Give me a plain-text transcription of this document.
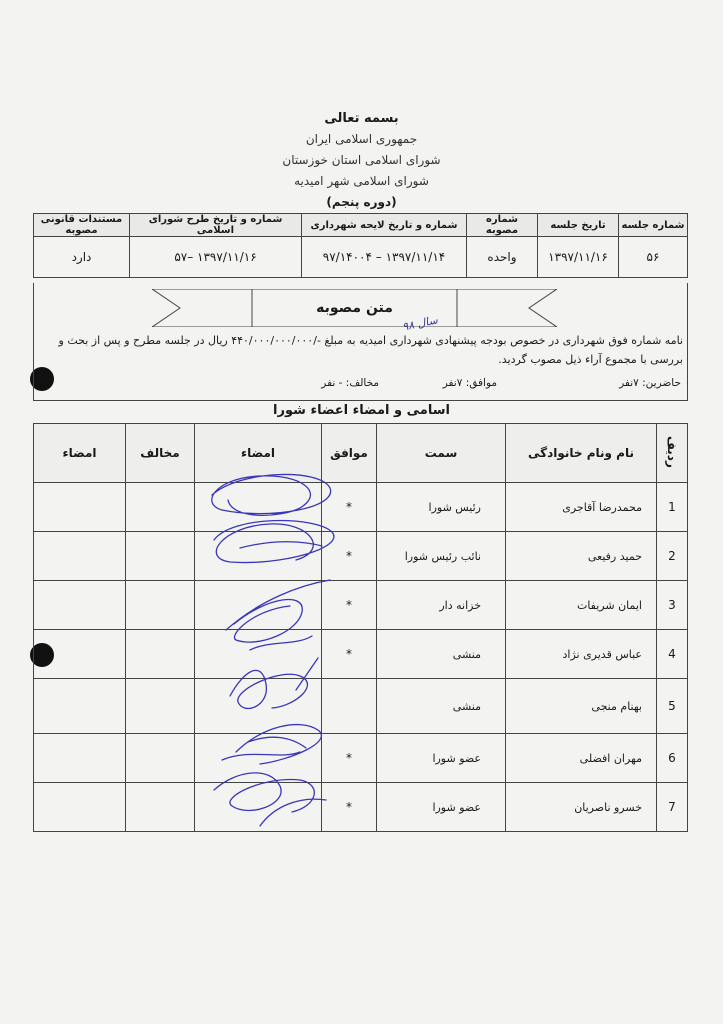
بسمه تعالی
جمهوری اسلامی ایران
شورای اسلامی استان خوزستان
شورای اسلامی شهر امیدیه
(دوره پنجم)
شماره جلسه	تاریخ جلسه	شماره مصوبه	شماره و تاریخ لایحه شهرداری	شماره و تاریخ طرح شورای اسلامی	مستندات قانونی مصوبه
۵۶	۱۳۹۷/۱۱/۱۶	واحده	۱۳۹۷/۱۱/۱۴ – ۹۷/۱۴۰۰۴	۱۳۹۷/۱۱/۱۶ –۵۷	دارد
متن مصوبه
نامه شماره فوق شهرداری در خصوص بودجه پیشنهادی شهرداری امیدیه به مبلغ -/۴۴۰/۰۰۰/۰۰۰/۰۰۰ ریال در جلسه مطرح و پس از بحث و بررسی با مجموع آراء ذیل مصوب گردید.
سال ۹۸
حاضرین: ۷نفر
موافق: ۷نفر
مخالف: - نفر
اسامی و امضاء اعضاء شورا
ردیف	نام ونام خانوادگی	سمت	موافق	امضاء	مخالف	امضاء
1	محمدرضا آقاجری	رئیس شورا	*			
2	حمید رفیعی	نائب رئیس شورا	*			
3	ایمان شریفات	خزانه دار	*			
4	عباس قدیری نژاد	منشی	*			
5	بهنام منجی	منشی				
6	مهران افضلی	عضو شورا	*			
7	خسرو ناصریان	عضو شورا	*			
